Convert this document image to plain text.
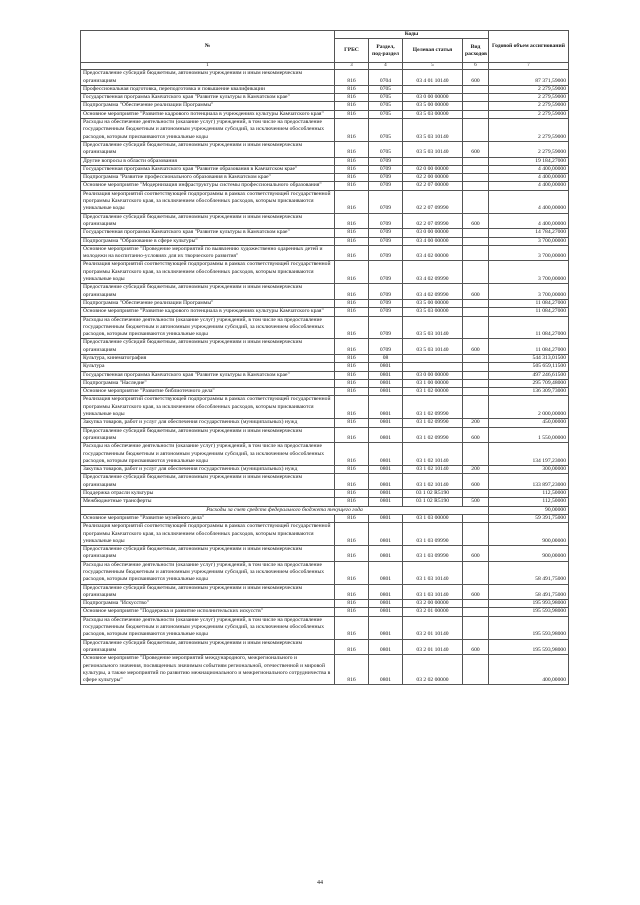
№	Коды				Годовой объем ассигнований
	ГРБС	Раздел, под-раздел	Целевая статья	Вид расходов	
1	3	4	5	6	7
Предоставление субсидий бюджетным, автономным учреждениям и иным некоммерческим организациям	816	0704	03 4 01 10140	600	87 371,59000
Профессиональная подготовка, переподготовка и повышение квалификации	816	0705			2 279,59000
Государственная программа Камчатского края "Развитие культуры в Камчатском крае"	816	0705	03 0 00 00000		2 279,59000
Подпрограмма "Обеспечение реализации Программы"	816	0705	03 5 00 00000		2 279,59000
Основное мероприятие "Развитие кадрового потенциала в учреждениях культуры Камчатского края"	816	0705	03 5 03 00000		2 279,59000
Расходы на обеспечение деятельности (оказание услуг) учреждений, в том числе на предоставление государственным бюджетным и автономным учреждениям субсидий, за исключением обособленных расходов, которым присваиваются уникальные коды	816	0705	03 5 03 10140		2 279,59000
Предоставление субсидий бюджетным, автономным учреждениям и иным некоммерческим организациям	816	0705	03 5 03 10140	600	2 279,59000
Другие вопросы в области образования	816	0709			19 184,27000
Государственная программа Камчатского края "Развитие образования в Камчатском крае"	816	0709	02 0 00 00000		4 400,00000
Подпрограмма "Развитие профессионального образования в Камчатском крае"	816	0709	02 2 00 00000		4 400,00000
Основное мероприятие "Модернизация инфраструктуры системы профессионального образования"	816	0709	02 2 07 00000		4 400,00000
Реализация мероприятий соответствующей подпрограммы в рамках соответствующей государственной программы Камчатского края, за исключением обособленных расходов, которым присваиваются уникальные коды	816	0709	02 2 07 09990		4 400,00000
Предоставление субсидий бюджетным, автономным учреждениям и иным некоммерческим организациям	816	0709	02 2 07 09990	600	4 400,00000
Государственная программа Камчатского края "Развитие культуры в Камчатском крае"	816	0709	03 0 00 00000		14 784,27000
Подпрограмма "Образование в сфере культуры"	816	0709	03 4 00 00000		3 700,00000
Основное мероприятие "Проведение мероприятий по выявлению художественно одаренных детей и молодежи на воспитанно-условиях для их творческого развития"	816	0709	03 4 02 00000		3 700,00000
Реализация мероприятий соответствующей подпрограммы в рамках соответствующей государственной программы Камчатского края, за исключением обособленных расходов, которым присваиваются уникальные коды	816	0709	03 4 02 09990		3 700,00000
Предоставление субсидий бюджетным, автономным учреждениям и иным некоммерческим организациям	816	0709	03 4 02 09990	600	3 700,00000
Подпрограмма "Обеспечение реализации Программы"	816	0709	03 5 00 00000		11 084,27000
Основное мероприятие "Развитие кадрового потенциала в учреждениях культуры Камчатского края"	816	0709	03 5 03 00000		11 084,27000
Расходы на обеспечение деятельности (оказание услуг) учреждений, в том числе на предоставление государственным бюджетным и автономным учреждениям субсидий, за исключением обособленных расходов, которым присваиваются уникальные коды	816	0709	03 5 03 10140		11 084,27000
Предоставление субсидий бюджетным, автономным учреждениям и иным некоммерческим организациям	816	0709	03 5 03 10140	600	11 084,27000
Культура, кинематография	816	08			544 313,01500
Культура	816	0801			505 659,11500
Государственная программа Камчатского края "Развитие культуры в Камчатском крае"	816	0801	03 0 00 00000		497 246,61500
Подпрограмма "Наследие"	816	0801	03 1 00 00000		295 709,48000
Основное мероприятие "Развитие библиотечного дела"	816	0801	03 1 02 00000		136 309,73000
Реализация мероприятий соответствующей подпрограммы в рамках соответствующей государственной программы Камчатского края, за исключением обособленных расходов, которым присваиваются уникальные коды	816	0801	03 1 02 09990		2 000,00000
Закупка товаров, работ и услуг для обеспечения государственных (муниципальных) нужд	816	0801	03 1 02 09990	200	450,00000
Предоставление субсидий бюджетным, автономным учреждениям и иным некоммерческим организациям	816	0801	03 1 02 09990	600	1 550,00000
Расходы на обеспечение деятельности (оказание услуг) учреждений, в том числе на предоставление государственным бюджетным и автономным учреждениям субсидий, за исключением обособленных расходов, которым присваиваются уникальные коды	816	0801	03 1 02 10140		134 197,23000
Закупка товаров, работ и услуг для обеспечения государственных (муниципальных) нужд	816	0801	03 1 02 10140	200	300,00000
Предоставление субсидий бюджетным, автономным учреждениям и иным некоммерческим организациям	816	0801	03 1 02 10140	600	133 897,23000
Поддержка отрасли культуры	816	0801	03 1 02 R5190		112,50000
Межбюджетные трансферты	816	0801	03 1 02 R5190	500	112,50000
Расходы за счет средств федерального бюджета текущего года					90,00000
Основное мероприятие "Развитие музейного дела"	816	0801	03 1 03 00000		59 391,75000
Реализация мероприятий соответствующей подпрограммы в рамках соответствующей государственной программы Камчатского края, за исключением обособленных расходов, которым присваиваются уникальные коды	816	0801	03 1 03 09990		900,00000
Предоставление субсидий бюджетным, автономным учреждениям и иным некоммерческим организациям	816	0801	03 1 03 09990	600	900,00000
Расходы на обеспечение деятельности (оказание услуг) учреждений, в том числе на предоставление государственным бюджетным и автономным учреждениям субсидий, за исключением обособленных расходов, которым присваиваются уникальные коды	816	0801	03 1 03 10140		58 491,75000
Предоставление субсидий бюджетным, автономным учреждениям и иным некоммерческим организациям	816	0801	03 1 03 10140	600	58 491,75000
Подпрограмма "Искусство"	816	0801	03 2 00 00000		195 993,98000
Основное мероприятие "Поддержка и развитие исполнительских искусств"	816	0801	03 2 01 00000		195 593,98000
Расходы на обеспечение деятельности (оказание услуг) учреждений, в том числе на предоставление государственным бюджетным и автономным учреждениям субсидий, за исключением обособленных расходов, которым присваиваются уникальные коды	816	0801	03 2 01 10140		195 593,98000
Предоставление субсидий бюджетным, автономным учреждениям и иным некоммерческим организациям	816	0801	03 2 01 10140	600	195 593,98000
Основное мероприятие "Проведение мероприятий международного, межрегионального и регионального значения, посвященных значимым событиям региональной, отечественной и мировой культуры, а также мероприятий по развитию межнационального и межрегионального сотрудничества в сфере культуры"	816	0801	03 2 02 00000		400,00000
44
